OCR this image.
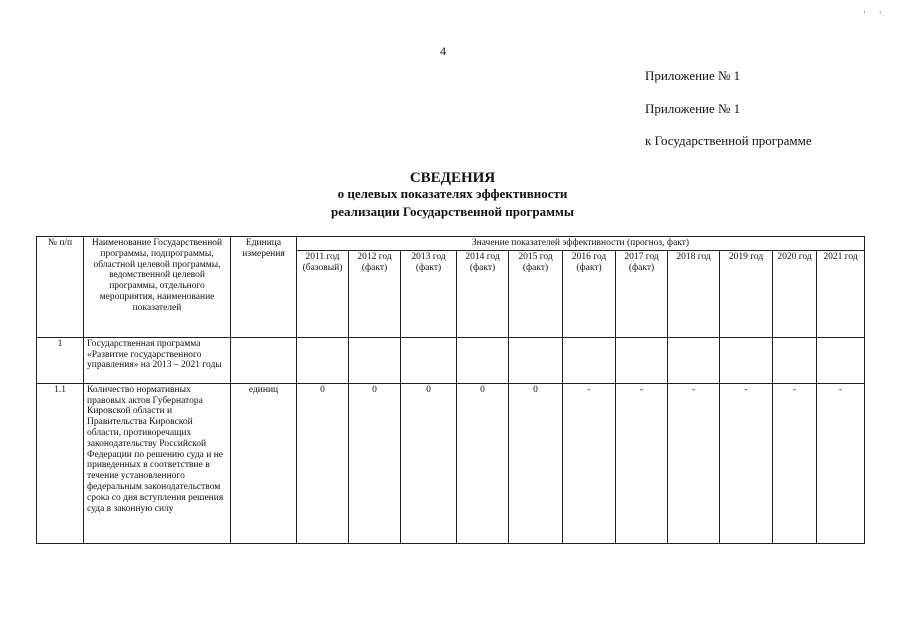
' '
4
Приложение № 1
Приложение № 1
к Государственной программе
СВЕДЕНИЯ
о целевых показателях эффективности
реализации Государственной программы
№ п/п	Наименование Государственной программы, подпрограммы, областной целевой программы, ведомственной целевой программы, отдельного мероприятия, наименование показателей	Единица измерения	Значение показателей эффективности (прогноз, факт)										
			2011 год (базовый)	2012 год (факт)	2013 год (факт)	2014 год (факт)	2015 год (факт)	2016 год (факт)	2017 год (факт)	2018 год	2019 год	2020 год	2021 год
1	Государственная программа «Развитие государственного управления» на 2013 – 2021 годы												
1.1	Количество нормативных правовых актов Губернатора Кировской области и Правительства Кировской области, противоречащих законодательству Российской Федерации по решению суда и не приведенных в соответствие в течение установленного федеральным законодательством срока со дня вступления решения суда в законную силу	единиц	0	0	0	0	0	-	-	-	-	-	-
